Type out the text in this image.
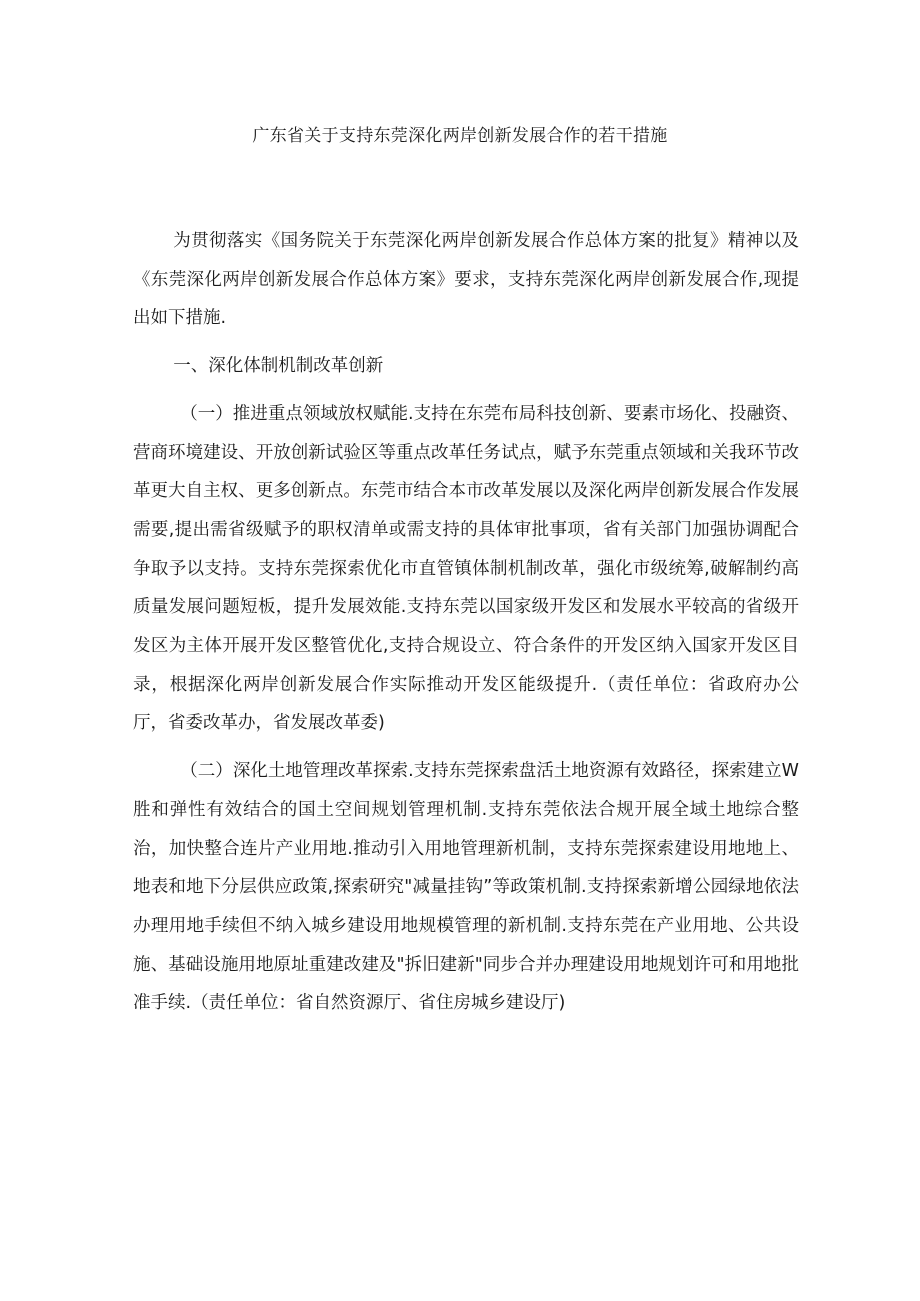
广东省关于支持东莞深化两岸创新发展合作的若干措施

为贯彻落实《国务院关于东莞深化两岸创新发展合作总体方案的批复》精神以及《东莞深化两岸创新发展合作总体方案》要求，支持东莞深化两岸创新发展合作,现提出如下措施.

一、深化体制机制改革创新

（一）推进重点领域放权赋能.支持在东莞布局科技创新、要素市场化、投融资、营商环境建设、开放创新试验区等重点改革任务试点，赋予东莞重点领域和关我环节改革更大自主权、更多创新点。东莞市结合本市改革发展以及深化两岸创新发展合作发展需要,提出需省级赋予的职权清单或需支持的具体审批事项，省有关部门加强协调配合争取予以支持。支持东莞探索优化市直管镇体制机制改革，强化市级统筹,破解制约高质量发展问题短板，提升发展效能.支持东莞以国家级开发区和发展水平较高的省级开发区为主体开展开发区整管优化,支持合规设立、符合条件的开发区纳入国家开发区目录，根据深化两岸创新发展合作实际推动开发区能级提升.（责任单位：省政府办公厅，省委改革办，省发展改革委)

（二）深化土地管理改革探索.支持东莞探索盘活土地资源有效路径，探索建立W胜和弹性有效结合的国土空间规划管理机制.支持东莞依法合规开展全域土地综合整治，加快整合连片产业用地.推动引入用地管理新机制，支持东莞探索建设用地地上、地表和地下分层供应政策,探索研究"减量挂钩”等政策机制.支持探索新增公园绿地依法办理用地手续但不纳入城乡建设用地规模管理的新机制.支持东莞在产业用地、公共设施、基础设施用地原址重建改建及"拆旧建新"同步合并办理建设用地规划许可和用地批准手续.（责任单位：省自然资源厅、省住房城乡建设厅)
